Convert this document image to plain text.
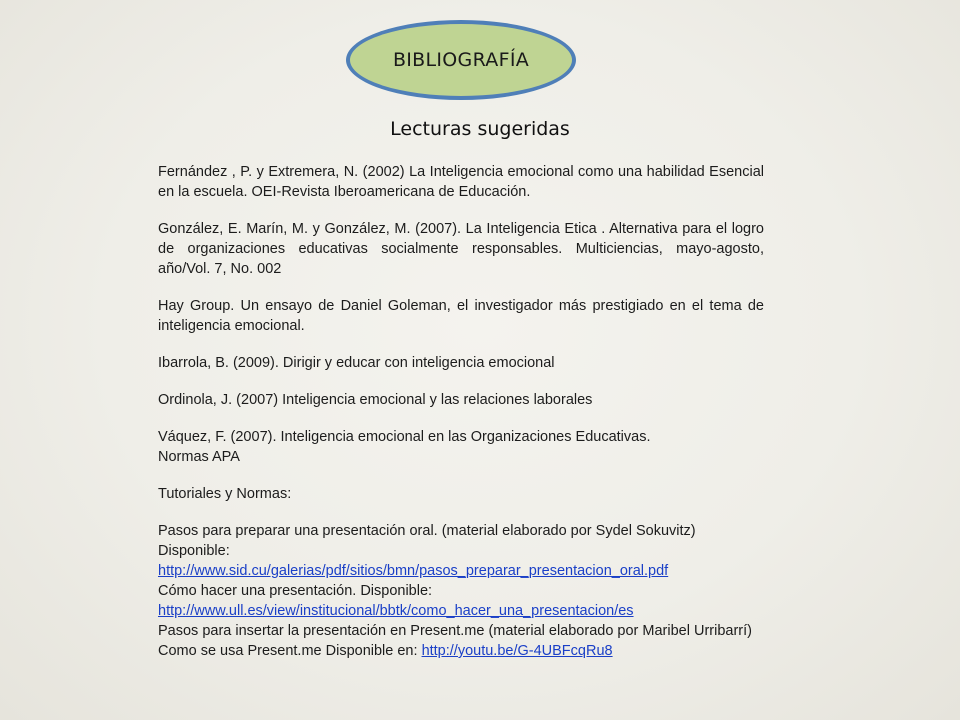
BIBLIOGRAFÍA
Lecturas sugeridas

Fernández , P. y Extremera, N. (2002) La Inteligencia emocional como una habilidad Esencial en la escuela. OEI-Revista Iberoamericana de Educación.

González, E. Marín, M. y González, M. (2007). La Inteligencia Etica . Alternativa para el logro de organizaciones educativas socialmente responsables. Multiciencias, mayo-agosto, año/Vol. 7, No. 002

Hay Group. Un ensayo de Daniel Goleman, el investigador más prestigiado en el tema de inteligencia emocional.

Ibarrola, B. (2009). Dirigir y educar con inteligencia emocional

Ordinola, J. (2007) Inteligencia emocional y las relaciones laborales

Váquez, F. (2007). Inteligencia emocional en las Organizaciones Educativas.
Normas APA

Tutoriales y Normas:

Pasos para preparar una presentación oral. (material elaborado por Sydel Sokuvitz) Disponible:
http://www.sid.cu/galerias/pdf/sitios/bmn/pasos_preparar_presentacion_oral.pdf
Cómo hacer una presentación. Disponible:
http://www.ull.es/view/institucional/bbtk/como_hacer_una_presentacion/es

Pasos para insertar la presentación en Present.me (material elaborado por Maribel Urribarrí)

Como se usa Present.me Disponible en: http://youtu.be/G-4UBFcqRu8
